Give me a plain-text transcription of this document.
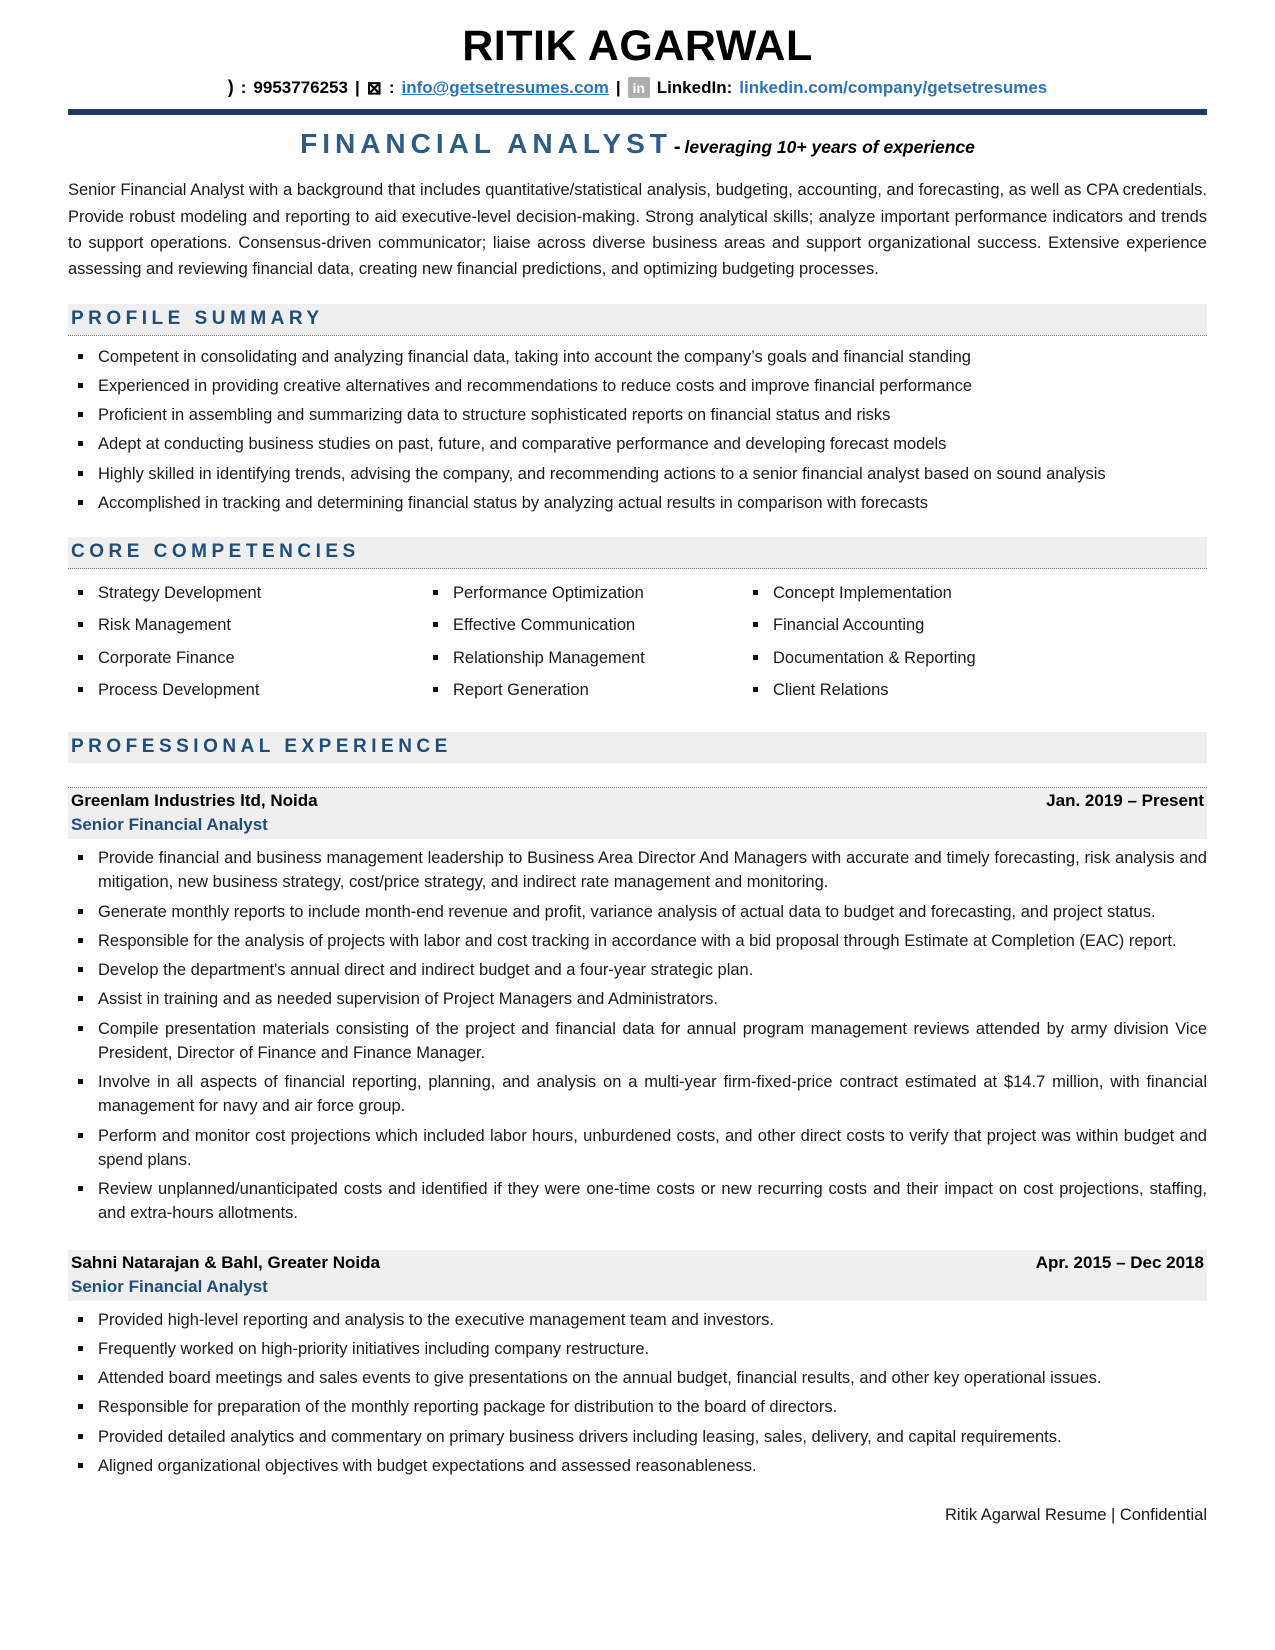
RITIK AGARWAL
) : 9953776253 | ⊠ : info@getsetresumes.com | in LinkedIn: linkedin.com/company/getsetresumes
FINANCIAL ANALYST - leveraging 10+ years of experience
Senior Financial Analyst with a background that includes quantitative/statistical analysis, budgeting, accounting, and forecasting, as well as CPA credentials. Provide robust modeling and reporting to aid executive-level decision-making. Strong analytical skills; analyze important performance indicators and trends to support operations. Consensus-driven communicator; liaise across diverse business areas and support organizational success. Extensive experience assessing and reviewing financial data, creating new financial predictions, and optimizing budgeting processes.
PROFILE SUMMARY
Competent in consolidating and analyzing financial data, taking into account the company’s goals and financial standing
Experienced in providing creative alternatives and recommendations to reduce costs and improve financial performance
Proficient in assembling and summarizing data to structure sophisticated reports on financial status and risks
Adept at conducting business studies on past, future, and comparative performance and developing forecast models
Highly skilled in identifying trends, advising the company, and recommending actions to a senior financial analyst based on sound analysis
Accomplished in tracking and determining financial status by analyzing actual results in comparison with forecasts
CORE COMPETENCIES
Strategy Development
Risk Management
Corporate Finance
Process Development
Performance Optimization
Effective Communication
Relationship Management
Report Generation
Concept Implementation
Financial Accounting
Documentation & Reporting
Client Relations
PROFESSIONAL EXPERIENCE
Greenlam Industries ltd, Noida	Jan. 2019 – Present
Senior Financial Analyst
Provide financial and business management leadership to Business Area Director And Managers with accurate and timely forecasting, risk analysis and mitigation, new business strategy, cost/price strategy, and indirect rate management and monitoring.
Generate monthly reports to include month-end revenue and profit, variance analysis of actual data to budget and forecasting, and project status.
Responsible for the analysis of projects with labor and cost tracking in accordance with a bid proposal through Estimate at Completion (EAC) report.
Develop the department's annual direct and indirect budget and a four-year strategic plan.
Assist in training and as needed supervision of Project Managers and Administrators.
Compile presentation materials consisting of the project and financial data for annual program management reviews attended by army division Vice President, Director of Finance and Finance Manager.
Involve in all aspects of financial reporting, planning, and analysis on a multi-year firm-fixed-price contract estimated at $14.7 million, with financial management for navy and air force group.
Perform and monitor cost projections which included labor hours, unburdened costs, and other direct costs to verify that project was within budget and spend plans.
Review unplanned/unanticipated costs and identified if they were one-time costs or new recurring costs and their impact on cost projections, staffing, and extra-hours allotments.
Sahni Natarajan & Bahl, Greater Noida	Apr. 2015 – Dec 2018
Senior Financial Analyst
Provided high-level reporting and analysis to the executive management team and investors.
Frequently worked on high-priority initiatives including company restructure.
Attended board meetings and sales events to give presentations on the annual budget, financial results, and other key operational issues.
Responsible for preparation of the monthly reporting package for distribution to the board of directors.
Provided detailed analytics and commentary on primary business drivers including leasing, sales, delivery, and capital requirements.
Aligned organizational objectives with budget expectations and assessed reasonableness.
Ritik Agarwal Resume | Confidential
